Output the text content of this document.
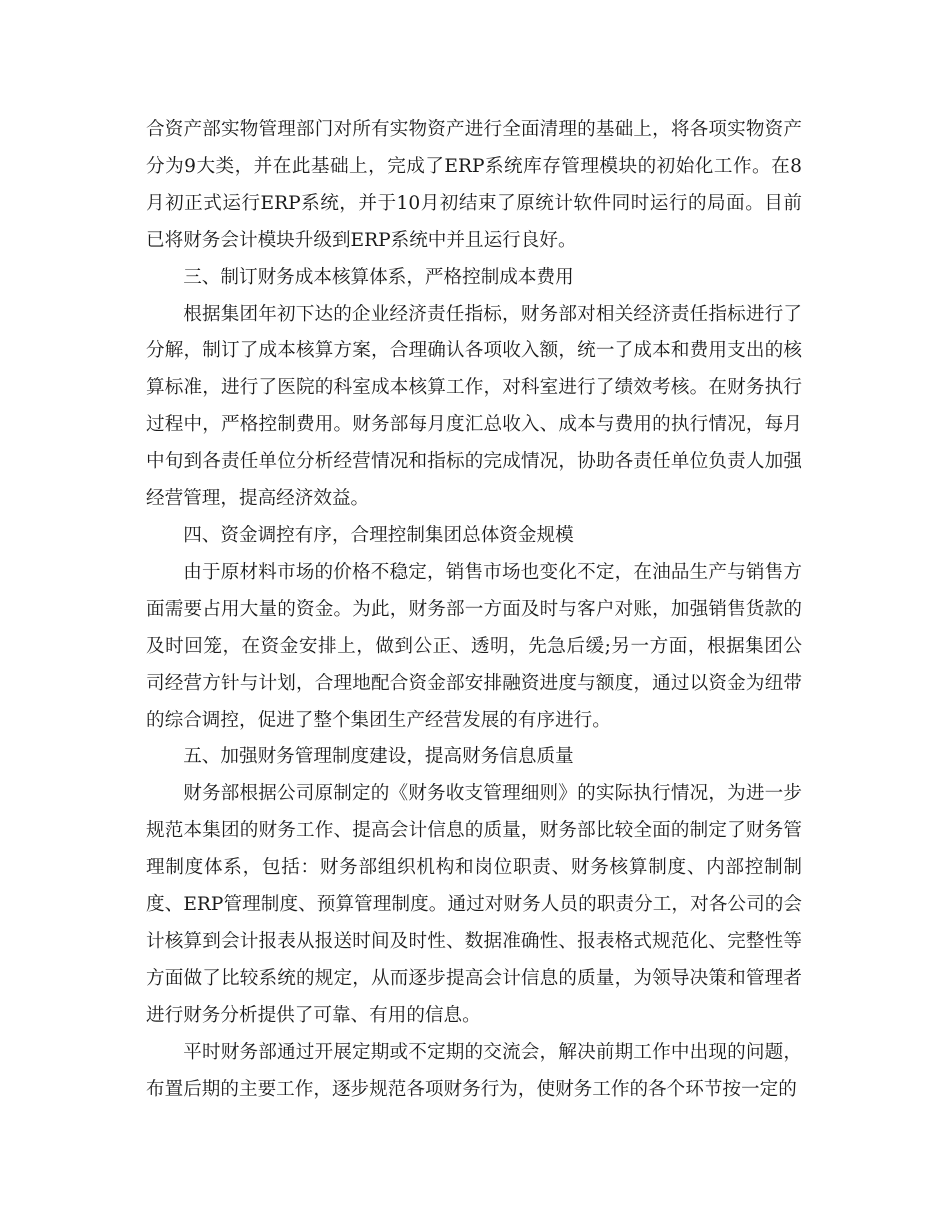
合资产部实物管理部门对所有实物资产进行全面清理的基础上，将各项实物资产分为9大类，并在此基础上，完成了ERP系统库存管理模块的初始化工作。在8月初正式运行ERP系统，并于10月初结束了原统计软件同时运行的局面。目前已将财务会计模块升级到ERP系统中并且运行良好。

三、制订财务成本核算体系，严格控制成本费用

根据集团年初下达的企业经济责任指标，财务部对相关经济责任指标进行了分解，制订了成本核算方案，合理确认各项收入额，统一了成本和费用支出的核算标准，进行了医院的科室成本核算工作，对科室进行了绩效考核。在财务执行过程中，严格控制费用。财务部每月度汇总收入、成本与费用的执行情况，每月中旬到各责任单位分析经营情况和指标的完成情况，协助各责任单位负责人加强经营管理，提高经济效益。

四、资金调控有序，合理控制集团总体资金规模

由于原材料市场的价格不稳定，销售市场也变化不定，在油品生产与销售方面需要占用大量的资金。为此，财务部一方面及时与客户对账，加强销售货款的及时回笼，在资金安排上，做到公正、透明，先急后缓;另一方面，根据集团公司经营方针与计划，合理地配合资金部安排融资进度与额度，通过以资金为纽带的综合调控，促进了整个集团生产经营发展的有序进行。

五、加强财务管理制度建设，提高财务信息质量

财务部根据公司原制定的《财务收支管理细则》的实际执行情况，为进一步规范本集团的财务工作、提高会计信息的质量，财务部比较全面的制定了财务管理制度体系，包括：财务部组织机构和岗位职责、财务核算制度、内部控制制度、ERP管理制度、预算管理制度。通过对财务人员的职责分工，对各公司的会计核算到会计报表从报送时间及时性、数据准确性、报表格式规范化、完整性等方面做了比较系统的规定，从而逐步提高会计信息的质量，为领导决策和管理者进行财务分析提供了可靠、有用的信息。

平时财务部通过开展定期或不定期的交流会，解决前期工作中出现的问题，布置后期的主要工作，逐步规范各项财务行为，使财务工作的各个环节按一定的
